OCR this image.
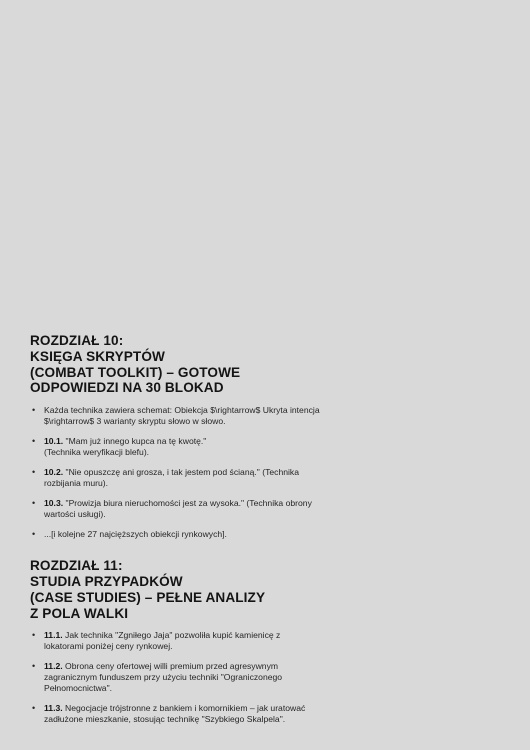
ROZDZIAŁ 10:
KSIĘGA SKRYPTÓW
(COMBAT TOOLKIT) – GOTOWE
ODPOWIEDZI NA 30 BLOKAD
• Każda technika zawiera schemat: Obiekcja $\rightarrow$ Ukryta intencja
$\rightarrow$ 3 warianty skryptu słowo w słowo.
• 10.1. "Mam już innego kupca na tę kwotę."
(Technika weryfikacji blefu).
• 10.2. "Nie opuszczę ani grosza, i tak jestem pod ścianą." (Technika
rozbijania muru).
• 10.3. "Prowizja biura nieruchomości jest za wysoka." (Technika obrony
wartości usługi).
• ...[i kolejne 27 najcięższych obiekcji rynkowych].
ROZDZIAŁ 11:
STUDIA PRZYPADKÓW
(CASE STUDIES) – PEŁNE ANALIZY
Z POLA WALKI
• 11.1. Jak technika "Zgniłego Jaja" pozwoliła kupić kamienicę z
lokatorami poniżej ceny rynkowej.
• 11.2. Obrona ceny ofertowej willi premium przed agresywnym
zagranicznym funduszem przy użyciu techniki "Ograniczonego
Pełnomocnictwa".
• 11.3. Negocjacje trójstronne z bankiem i komornikiem – jak uratować
zadłużone mieszkanie, stosując technikę "Szybkiego Skalpela".
